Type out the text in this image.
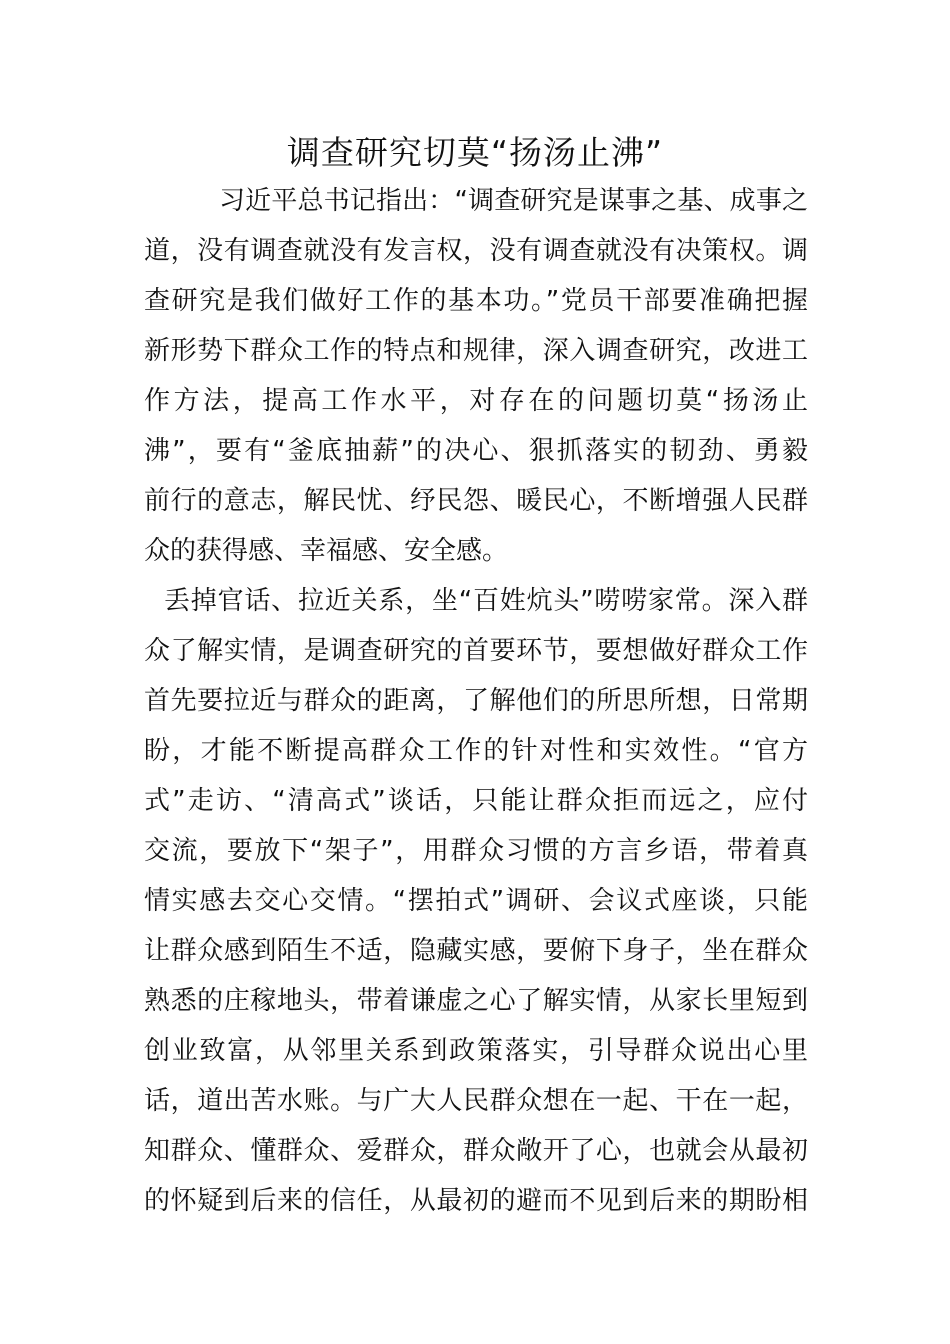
调查研究切莫“扬汤止沸”
习近平总书记指出：“调查研究是谋事之基、成事之
道，没有调查就没有发言权，没有调查就没有决策权。调
查研究是我们做好工作的基本功。”党员干部要准确把握
新形势下群众工作的特点和规律，深入调查研究，改进工
作方法，提高工作水平，对存在的问题切莫“扬汤止
沸”，要有“釜底抽薪”的决心、狠抓落实的韧劲、勇毅
前行的意志，解民忧、纾民怨、暖民心，不断增强人民群
众的获得感、幸福感、安全感。
丢掉官话、拉近关系，坐“百姓炕头”唠唠家常。深入群
众了解实情，是调查研究的首要环节，要想做好群众工作
首先要拉近与群众的距离，了解他们的所思所想，日常期
盼，才能不断提高群众工作的针对性和实效性。“官方
式”走访、“清高式”谈话，只能让群众拒而远之，应付
交流，要放下“架子”，用群众习惯的方言乡语，带着真
情实感去交心交情。“摆拍式”调研、会议式座谈，只能
让群众感到陌生不适，隐藏实感，要俯下身子，坐在群众
熟悉的庄稼地头，带着谦虚之心了解实情，从家长里短到
创业致富，从邻里关系到政策落实，引导群众说出心里
话，道出苦水账。与广大人民群众想在一起、干在一起，
知群众、懂群众、爱群众，群众敞开了心，也就会从最初
的怀疑到后来的信任，从最初的避而不见到后来的期盼相
